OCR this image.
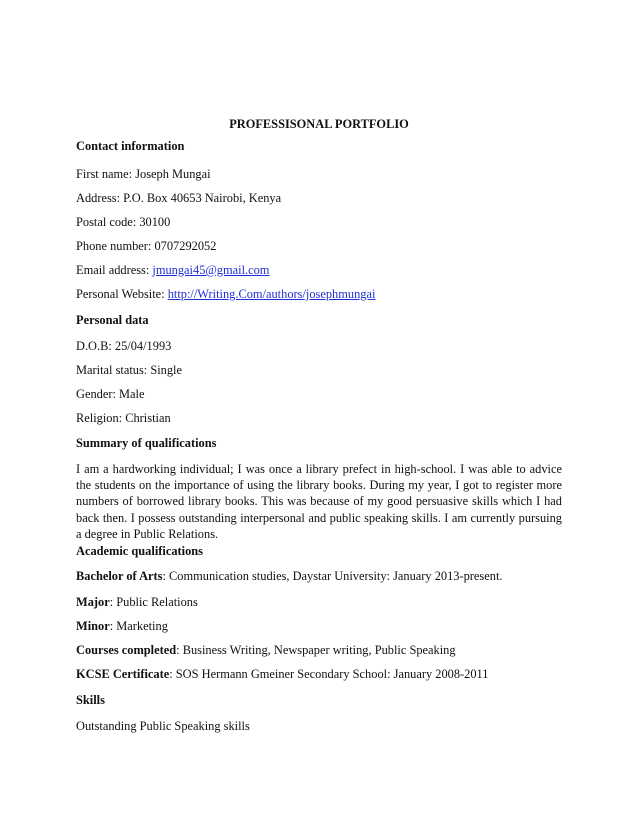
PROFESSISONAL PORTFOLIO
Contact information
First name: Joseph Mungai
Address: P.O. Box 40653 Nairobi, Kenya
Postal code: 30100
Phone number: 0707292052
Email address: jmungai45@gmail.com
Personal Website: http://Writing.Com/authors/josephmungai
Personal data
D.O.B: 25/04/1993
Marital status: Single
Gender: Male
Religion: Christian
Summary of qualifications
I am a hardworking individual; I was once a library prefect in high-school. I was able to advice the students on the importance of using the library books. During my year, I got to register more numbers of borrowed library books. This was because of my good persuasive skills which I had back then. I possess outstanding interpersonal and public speaking skills. I am currently pursuing a degree in Public Relations.
Academic qualifications
Bachelor of Arts: Communication studies, Daystar University: January 2013-present.
Major: Public Relations
Minor: Marketing
Courses completed: Business Writing, Newspaper writing, Public Speaking
KCSE Certificate: SOS Hermann Gmeiner Secondary School: January 2008-2011
Skills
Outstanding Public Speaking skills
